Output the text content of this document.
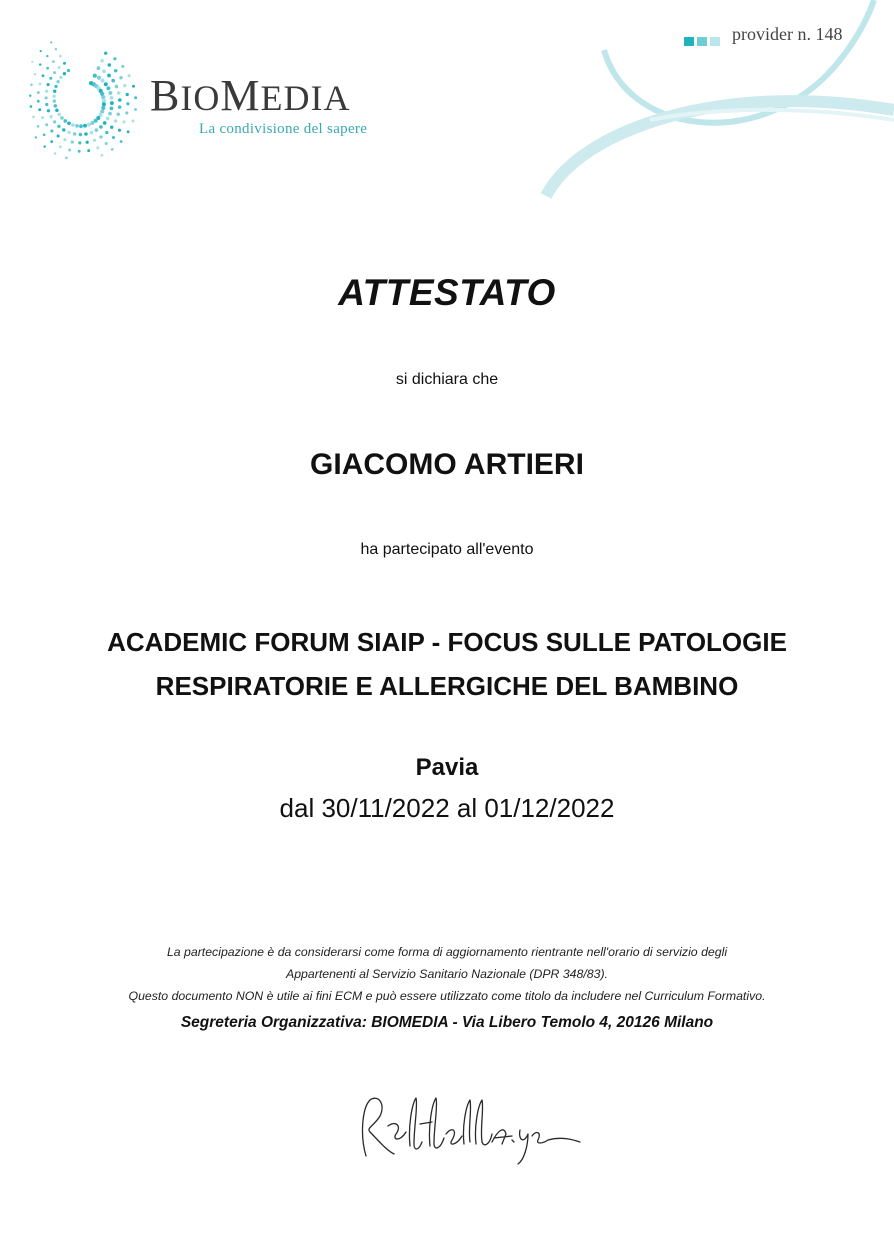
BIOMEDIA
La condivisione del sapere
provider n. 148
ATTESTATO
si dichiara che
GIACOMO ARTIERI
ha partecipato all'evento
ACADEMIC FORUM SIAIP - FOCUS SULLE PATOLOGIE
RESPIRATORIE E ALLERGICHE DEL BAMBINO
Pavia
dal 30/11/2022 al 01/12/2022
La partecipazione è da considerarsi come forma di aggiornamento rientrante nell'orario di servizio degli
Appartenenti al Servizio Sanitario Nazionale (DPR 348/83).
Questo documento NON è utile ai fini ECM e può essere utilizzato come titolo da includere nel Curriculum Formativo.
Segreteria Organizzativa: BIOMEDIA - Via Libero Temolo 4, 20126 Milano
